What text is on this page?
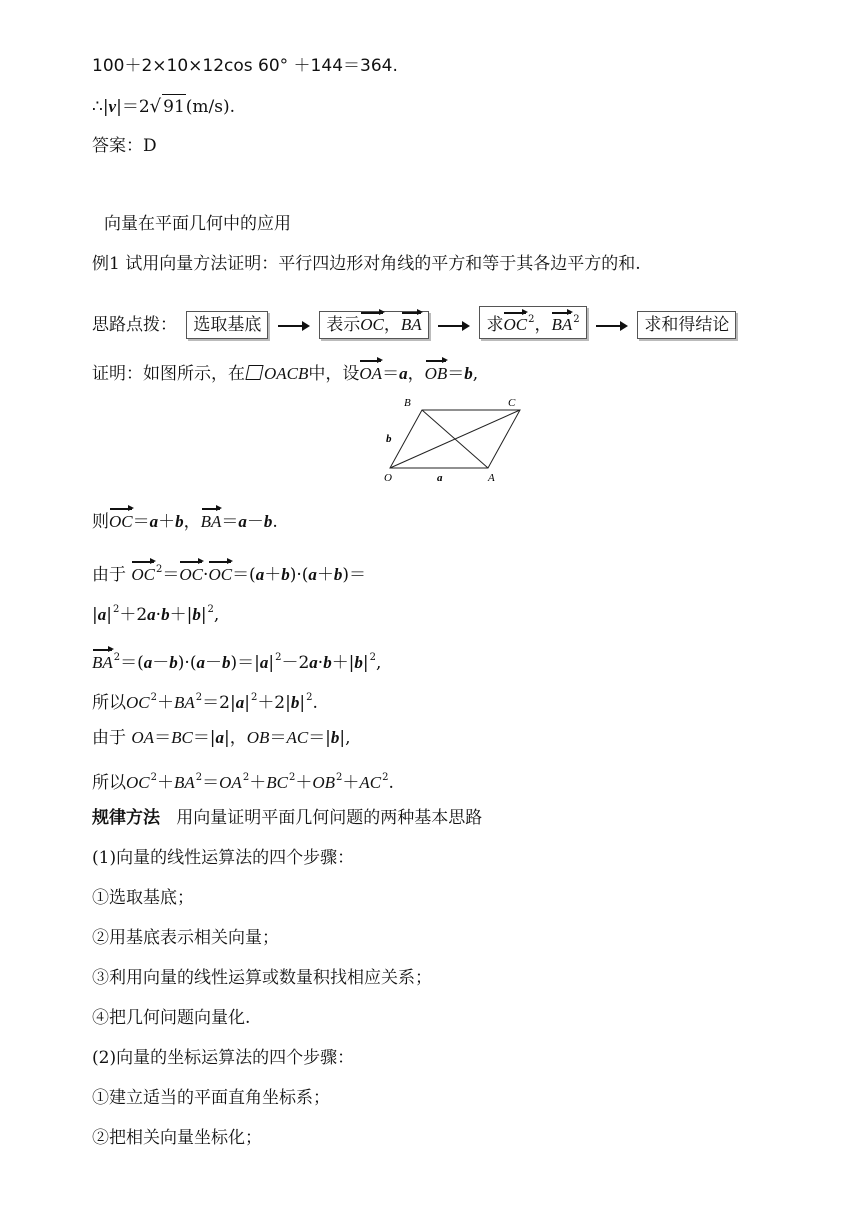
100＋2×10×12cos 60° ＋144＝364.
∴|v|＝2√ 91(m/s).
答案：D
向量在平面几何中的应用
例1 试用向量方法证明：平行四边形对角线的平方和等于其各边平方的和.
思路点拨： 选取基底	表示OC，BA	求$OC^2$，$BA^2$	求和得结论
证明：如图所示，在 OACB中，设OA＝a，OB＝b,
B	C
O	A
a
b
则OC＝a＋b，BA＝a－b.
由于 $OC^2=OC\cdot OC=(a+b)\cdot(a+b)=$
$|a|^2+2a\cdot b+|b|^2$,
$BA^2=(a-b)\cdot(a-b)=|a|^2-2a\cdot b+|b|^2$,
所以$OC^2+BA^2=2|a|^2+2|b|^2$.
由于 OA＝BC＝|a|，OB＝AC＝|b|,
所以$OC^2+BA^2=OA^2+BC^2+OB^2+AC^2$.
规律方法 用向量证明平面几何问题的两种基本思路
(1)向量的线性运算法的四个步骤：
①选取基底；
②用基底表示相关向量；
③利用向量的线性运算或数量积找相应关系；
④把几何问题向量化.
(2)向量的坐标运算法的四个步骤：
①建立适当的平面直角坐标系；
②把相关向量坐标化；
